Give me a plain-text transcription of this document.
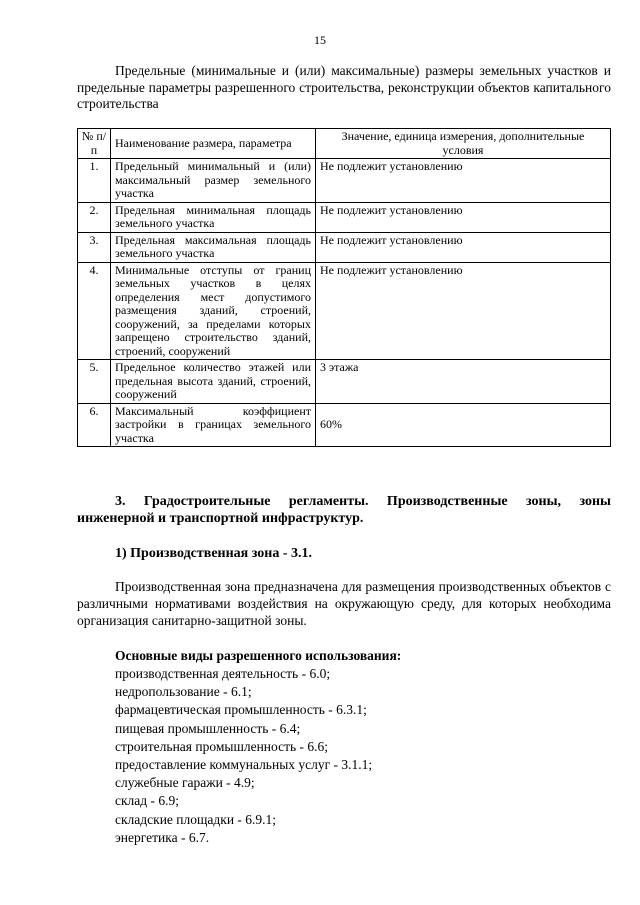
15

Предельные (минимальные и (или) максимальные) размеры земельных участков и предельные параметры разрешенного строительства, реконструкции объектов капитального строительства

№ п/п	Наименование размера, параметра	Значение, единица измерения, дополнительные условия
1.	Предельный минимальный и (или) максимальный размер земельного участка	Не подлежит установлению
2.	Предельная минимальная площадь земельного участка	Не подлежит установлению
3.	Предельная максимальная площадь земельного участка	Не подлежит установлению
4.	Минимальные отступы от границ земельных участков в целях определения мест допустимого размещения зданий, строений, сооружений, за пределами которых запрещено строительство зданий, строений, сооружений	Не подлежит установлению
5.	Предельное количество этажей или предельная высота зданий, строений, сооружений	3 этажа
6.	Максимальный коэффициент застройки в границах земельного участка	60%

3. Градостроительные регламенты. Производственные зоны, зоны инженерной и транспортной инфраструктур.

1) Производственная зона - 3.1.

Производственная зона предназначена для размещения производственных объектов с различными нормативами воздействия на окружающую среду, для которых необходима организация санитарно-защитной зоны.

Основные виды разрешенного использования:

производственная деятельность - 6.0;
недропользование - 6.1;
фармацевтическая промышленность - 6.3.1;
пищевая промышленность - 6.4;
строительная промышленность - 6.6;
предоставление коммунальных услуг - 3.1.1;
служебные гаражи - 4.9;
склад - 6.9;
складские площадки - 6.9.1;
энергетика - 6.7.
